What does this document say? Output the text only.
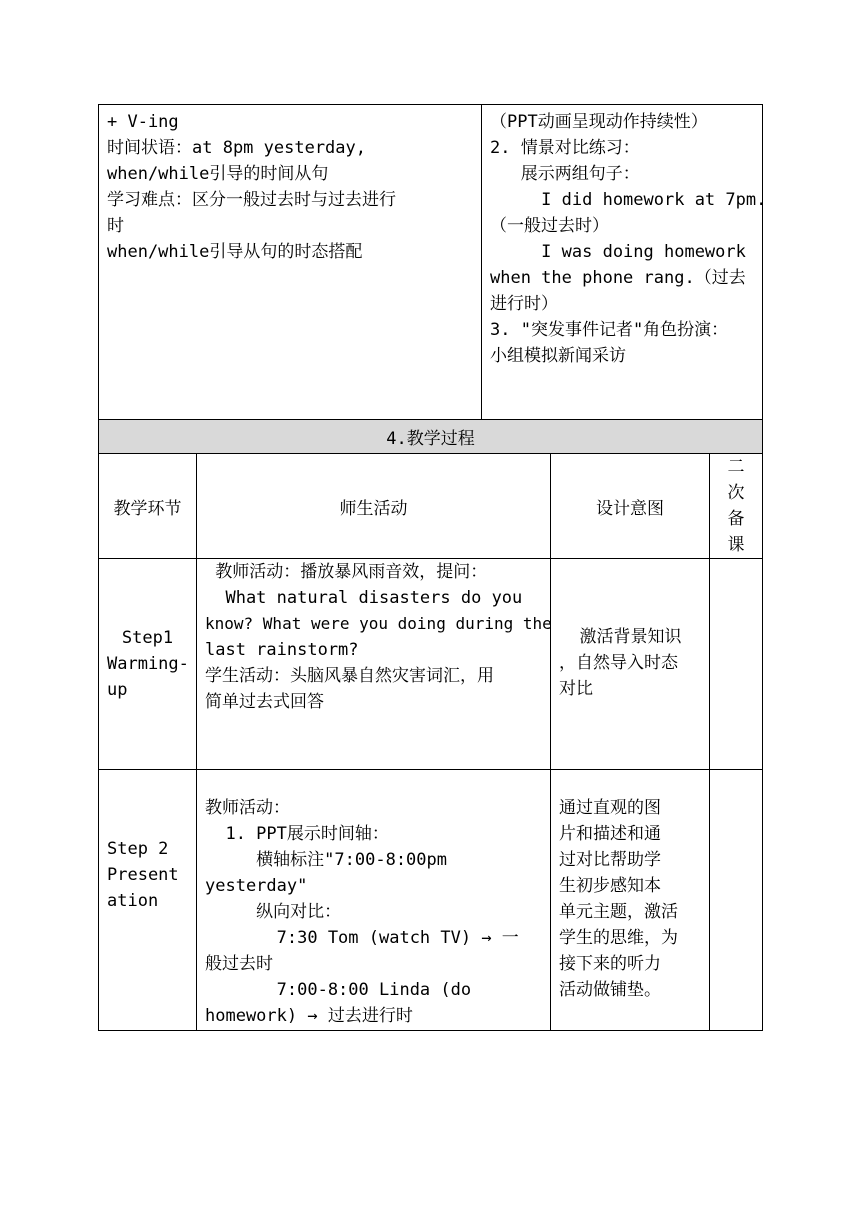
+ V-ing
时间状语：at 8pm yesterday,
when/while引导的时间从句
学习难点：区分一般过去时与过去进行
时
when/while引导从句的时态搭配
（PPT动画呈现动作持续性）
2. 情景对比练习：
展示两组句子：
I did homework at 7pm.
（一般过去时）
I was doing homework
when the phone rang.（过去
进行时）
3. "突发事件记者"角色扮演：
小组模拟新闻采访
4.教学过程
教学环节	师生活动	设计意图
二
次
备
课
Step1
Warming-
up
教师活动：播放暴风雨音效，提问：
What natural disasters do you
know? What were you doing during the
last rainstorm?
学生活动：头脑风暴自然灾害词汇，用
简单过去式回答
激活背景知识
，自然导入时态
对比
Step 2
Present
ation
教师活动：
1. PPT展示时间轴：
横轴标注"7:00-8:00pm
yesterday"
纵向对比：
7:30 Tom (watch TV) → 一
般过去时
7:00-8:00 Linda (do
homework) → 过去进行时
通过直观的图
片和描述和通
过对比帮助学
生初步感知本
单元主题，激活
学生的思维，为
接下来的听力
活动做铺垫。
